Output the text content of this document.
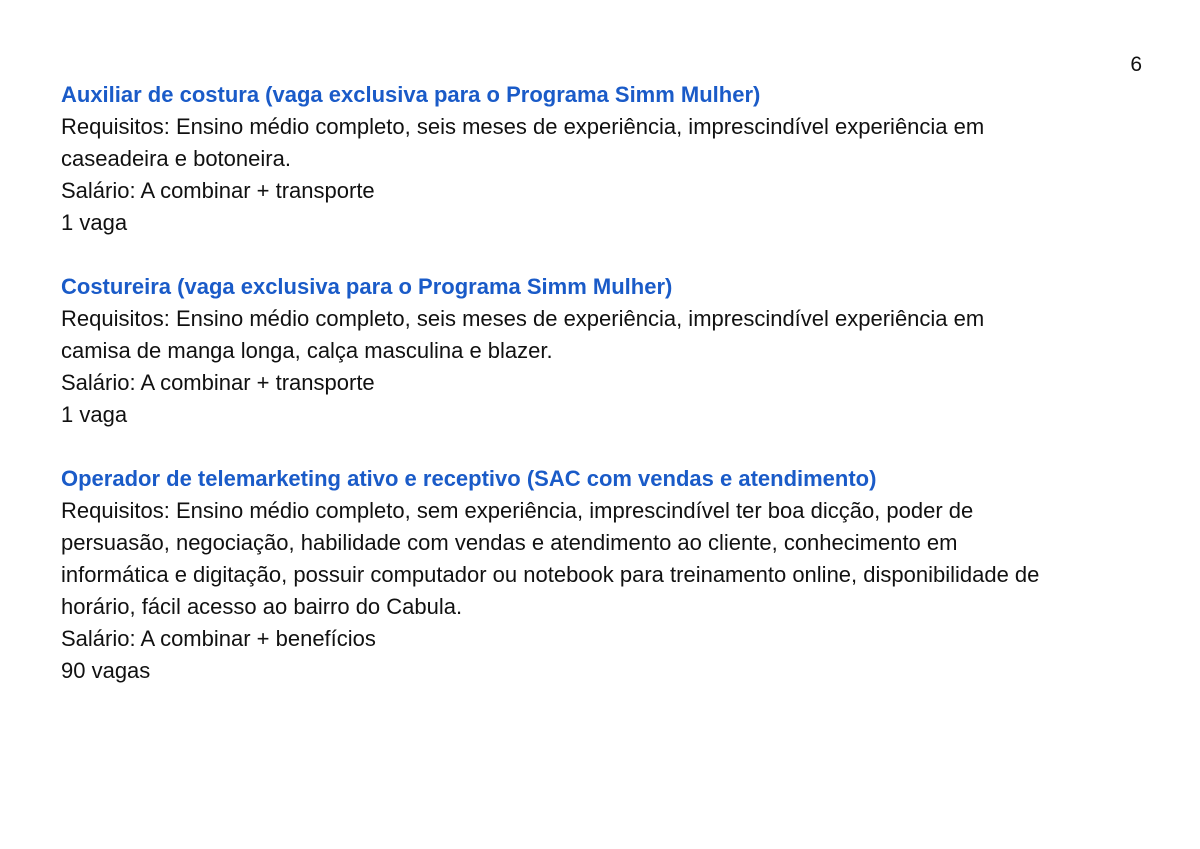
6
Auxiliar de costura (vaga exclusiva para o Programa Simm Mulher)
Requisitos: Ensino médio completo, seis meses de experiência, imprescindível experiência em
caseadeira e botoneira.
Salário: A combinar + transporte
1 vaga
Costureira (vaga exclusiva para o Programa Simm Mulher)
Requisitos: Ensino médio completo, seis meses de experiência, imprescindível experiência em
camisa de manga longa, calça masculina e blazer.
Salário: A combinar + transporte
1 vaga
Operador de telemarketing ativo e receptivo (SAC com vendas e atendimento)
Requisitos: Ensino médio completo, sem experiência, imprescindível ter boa dicção, poder de
persuasão, negociação, habilidade com vendas e atendimento ao cliente, conhecimento em
informática e digitação, possuir computador ou notebook para treinamento online, disponibilidade de
horário, fácil acesso ao bairro do Cabula.
Salário: A combinar + benefícios
90 vagas
